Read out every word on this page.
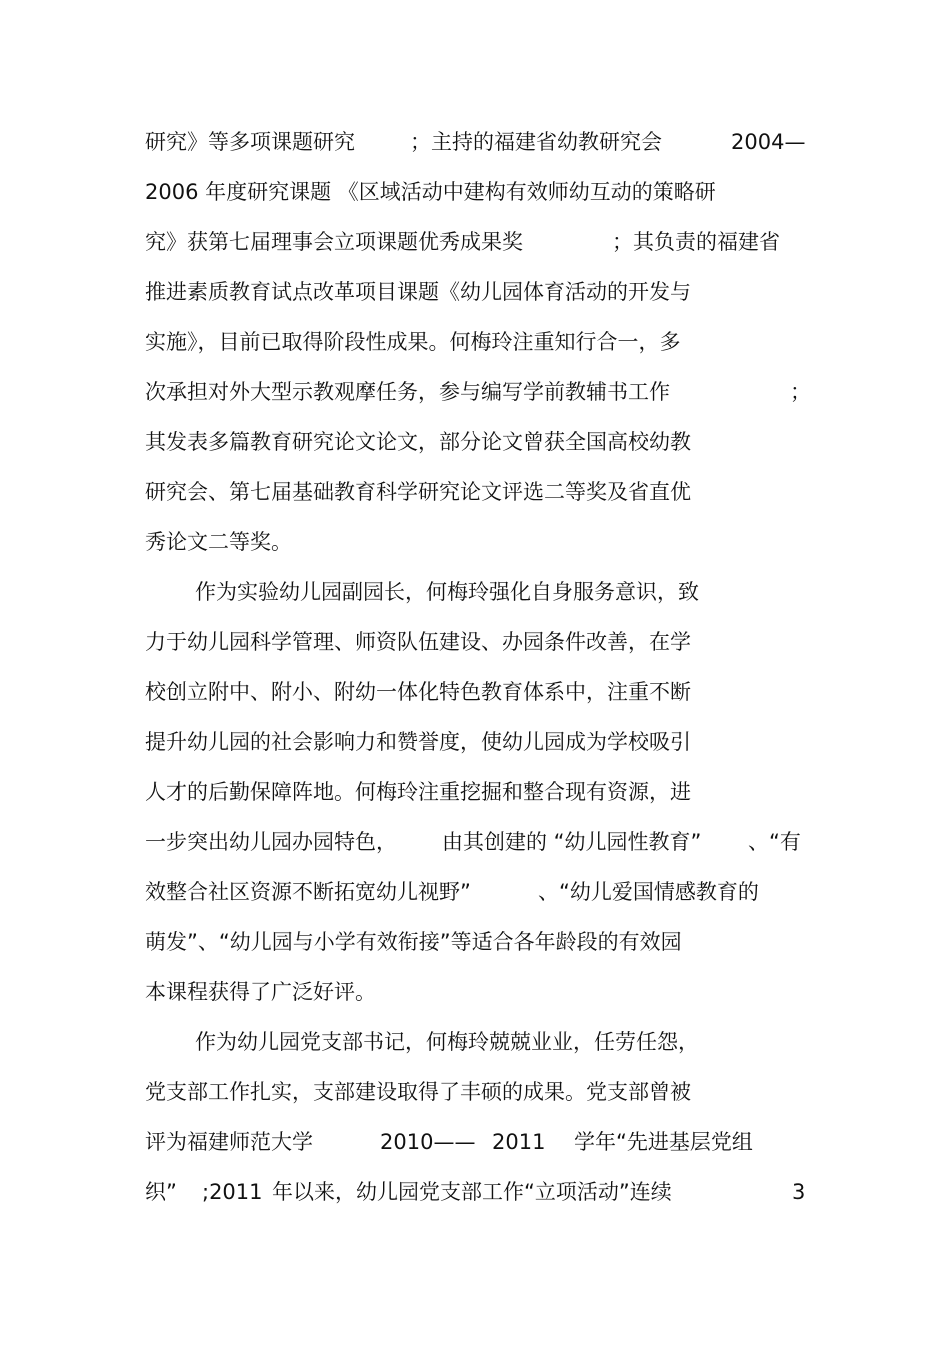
研究》等多项课题研究	；主持的福建省幼教研究会	2004—
2006 年度研究课题 《区域活动中建构有效师幼互动的策略研
究》获第七届理事会立项课题优秀成果奖	；其负责的福建省
推进素质教育试点改革项目课题《幼儿园体育活动的开发与
实施》，目前已取得阶段性成果。何梅玲注重知行合一，多
次承担对外大型示教观摩任务，参与编写学前教辅书工作	；
其发表多篇教育研究论文论文，部分论文曾获全国高校幼教
研究会、第七届基础教育科学研究论文评选二等奖及省直优
秀论文二等奖。
作为实验幼儿园副园长，何梅玲强化自身服务意识，致
力于幼儿园科学管理、师资队伍建设、办园条件改善，在学
校创立附中、附小、附幼一体化特色教育体系中，注重不断
提升幼儿园的社会影响力和赞誉度，使幼儿园成为学校吸引
人才的后勤保障阵地。何梅玲注重挖掘和整合现有资源，进
一步突出幼儿园办园特色， 由其创建的 “幼儿园性教育” 、“有
效整合社区资源不断拓宽幼儿视野”	、“幼儿爱国情感教育的
萌发”、“幼儿园与小学有效衔接”等适合各年龄段的有效园
本课程获得了广泛好评。
作为幼儿园党支部书记，何梅玲兢兢业业，任劳任怨，
党支部工作扎实，支部建设取得了丰硕的成果。党支部曾被
评为福建师范大学	2010—— 2011 学年“先进基层党组
织” ;2011 年以来，幼儿园党支部工作“立项活动”连续	3
